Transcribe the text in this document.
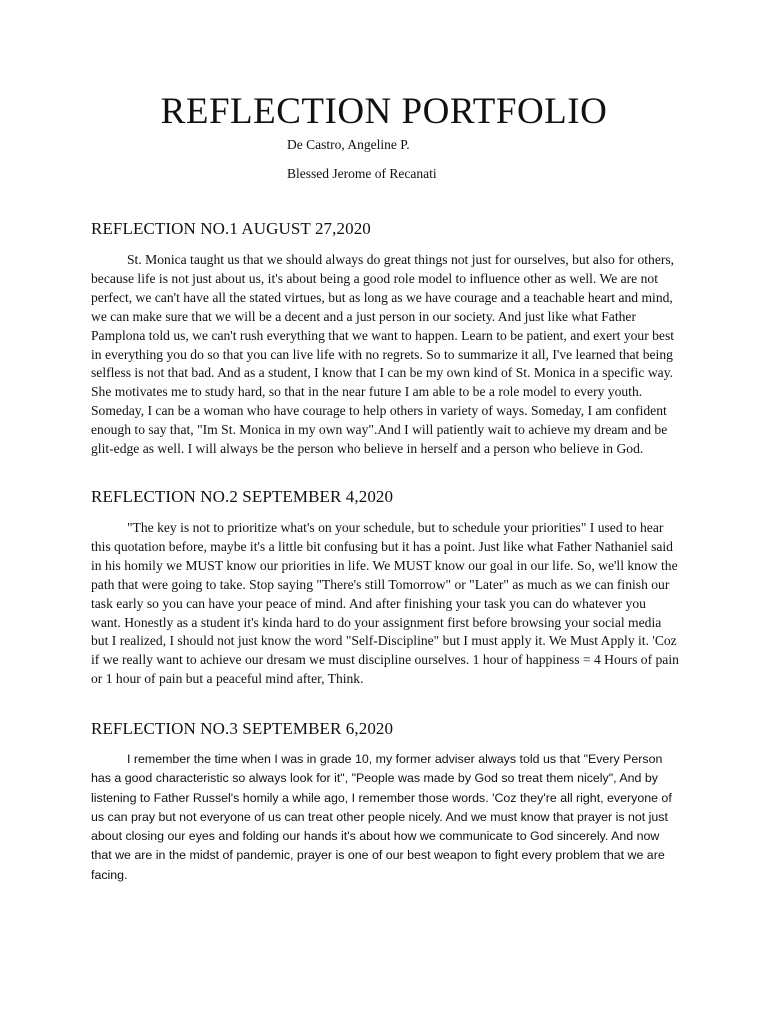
REFLECTION PORTFOLIO

De Castro, Angeline P.

Blessed Jerome of Recanati

REFLECTION NO.1 AUGUST 27,2020

St. Monica taught us that we should always do great things not just for ourselves, but also for others, because life is not just about us, it's about being a good role model to influence other as well. We are not perfect, we can't have all the stated virtues, but as long as we have courage and a teachable heart and mind, we can make sure that we will be a decent and a just person in our society. And just like what Father Pamplona told us, we can't rush everything that we want to happen. Learn to be patient, and exert your best in everything you do so that you can live life with no regrets. So to summarize it all, I've learned that being selfless is not that bad. And as a student, I know that I can be my own kind of St. Monica in a specific way. She motivates me to study hard, so that in the near future I am able to be a role model to every youth. Someday, I can be a woman who have courage to help others in variety of ways. Someday, I am confident enough to say that, "Im St. Monica in my own way".And I will patiently wait to achieve my dream and be glit-edge as well. I will always be the person who believe in herself and a person who believe in God.

REFLECTION NO.2 SEPTEMBER 4,2020

"The key is not to prioritize what's on your schedule, but to schedule your priorities" I used to hear this quotation before, maybe it's a little bit confusing but it has a point. Just like what Father Nathaniel said in his homily we MUST know our priorities in life. We MUST know our goal in our life. So, we'll know the path that were going to take. Stop saying "There's still Tomorrow" or "Later" as much as we can finish our task early so you can have your peace of mind. And after finishing your task you can do whatever you want. Honestly as a student it's kinda hard to do your assignment first before browsing your social media but I realized, I should not just know the word "Self-Discipline" but I must apply it. We Must Apply it. 'Coz if we really want to achieve our dresam we must discipline ourselves. 1 hour of happiness = 4 Hours of pain or 1 hour of pain but a peaceful mind after, Think.

REFLECTION NO.3 SEPTEMBER 6,2020

I remember the time when I was in grade 10, my former adviser always told us that "Every Person has a good characteristic so always look for it", "People was made by God so treat them nicely", And by listening to Father Russel's homily a while ago, I remember those words. 'Coz they're all right, everyone of us can pray but not everyone of us can treat other people nicely. And we must know that prayer is not just about closing our eyes and folding our hands it's about how we communicate to God sincerely. And now that we are in the midst of pandemic, prayer is one of our best weapon to fight every problem that we are facing.
